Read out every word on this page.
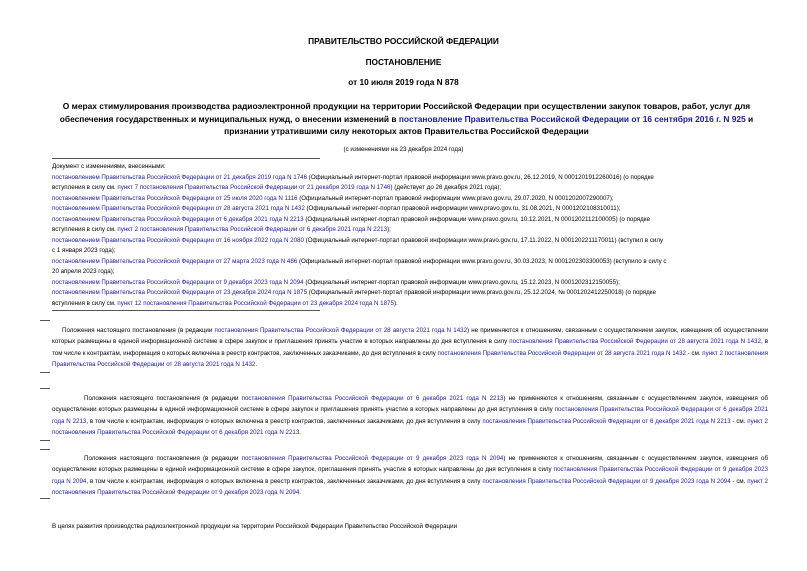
ПРАВИТЕЛЬСТВО РОССИЙСКОЙ ФЕДЕРАЦИИ
ПОСТАНОВЛЕНИЕ
от 10 июля 2019 года N 878
О мерах стимулирования производства радиоэлектронной продукции на территории Российской Федерации при осуществлении закупок товаров, работ, услуг для обеспечения государственных и муниципальных нужд, о внесении изменений в постановление Правительства Российской Федерации от 16 сентября 2016 г. N 925 и признании утратившими силу некоторых актов Правительства Российской Федерации
(с изменениями на 23 декабря 2024 года)
Документ с изменениями, внесенными:
постановлением Правительства Российской Федерации от 21 декабря 2019 года N 1746 (Официальный интернет-портал правовой информации www.pravo.gov.ru, 26.12.2019, N 0001201912260016) (о порядке
вступления в силу см. пункт 7 постановления Правительства Российской Федерации от 21 декабря 2019 года N 1746) (действует до 26 декабря 2021 года);
постановлением Правительства Российской Федерации от 25 июля 2020 года N 1116 (Официальный интернет-портал правовой информации www.pravo.gov.ru, 29.07.2020, N 0001202007290007);
постановлением Правительства Российской Федерации от 28 августа 2021 года N 1432 (Официальный интернет-портал правовой информации www.pravo.gov.ru, 31.08.2021, N 0001202108310011);
постановлением Правительства Российской Федерации от 6 декабря 2021 года N 2213 (Официальный интернет-портал правовой информации www.pravo.gov.ru, 10.12.2021, N 0001202112100005) (о порядке
вступления в силу см. пункт 2 постановления Правительства Российской Федерации от 6 декабря 2021 года N 2213);
постановлением Правительства Российской Федерации от 16 ноября 2022 года N 2080 (Официальный интернет-портал правовой информации www.pravo.gov.ru, 17.11.2022, N 0001202211170011) (вступил в силу
с 1 января 2023 года);
постановлением Правительства Российской Федерации от 27 марта 2023 года N 486 (Официальный интернет-портал правовой информации www.pravo.gov.ru, 30.03.2023, N 0001202303300053) (вступило в силу с
20 апреля 2023 года);
постановлением Правительства Российской Федерации от 9 декабря 2023 года N 2094 (Официальный интернет-портал правовой информации www.pravo.gov.ru, 15.12.2023, N 0001202312150055);
постановлением Правительства Российской Федерации от 23 декабря 2024 года N 1875 (Официальный интернет-портал правовой информации www.pravo.gov.ru, 25.12.2024, № 0001202412250018) (о порядке
вступления в силу см. пункт 12 постановления Правительства Российской Федерации от 23 декабря 2024 года N 1875).
Положения настоящего постановления (в редакции постановления Правительства Российской Федерации от 28 августа 2021 года N 1432) не применяются к отношениям, связанным с осуществлением закупок, извещения об осуществлении которых размещены в единой информационной системе в сфере закупок и приглашения принять участие в которых направлены до дня вступления в силу постановления Правительства Российской Федерации от 28 августа 2021 года N 1432, в том числе к контрактам, информация о которых включена в реестр контрактов, заключенных заказчиками, до дня вступления в силу постановления Правительства Российской Федерации от 28 августа 2021 года N 1432 - см. пункт 2 постановления Правительства Российской Федерации от 28 августа 2021 года N 1432.
Положения настоящего постановления (в редакции постановления Правительства Российской Федерации от 6 декабря 2021 года N 2213) не применяются к отношениям, связанным с осуществлением закупок, извещения об осуществлении которых размещены в единой информационной системе в сфере закупок и приглашения принять участие в которых направлены до дня вступления в силу постановления Правительства Российской Федерации от 6 декабря 2021 года N 2213, в том числе к контрактам, информация о которых включена в реестр контрактов, заключенных заказчиками, до дня вступления в силу постановления Правительства Российской Федерации от 6 декабря 2021 года N 2213 - см. пункт 2 постановления Правительства Российской Федерации от 6 декабря 2021 года N 2213.
Положения настоящего постановления (в редакции постановления Правительства Российской Федерации от 9 декабря 2023 года N 2094) не применяются к отношениям, связанным с осуществлением закупок, извещения об осуществлении которых размещены в единой информационной системе в сфере закупок, приглашения принять участие в которых направлены до дня вступления в силу постановления Правительства Российской Федерации от 9 декабря 2023 года N 2094, в том числе к контрактам, информация о которых включена в реестр контрактов, заключенных заказчиками, до дня вступления в силу постановления Правительства Российской Федерации от 9 декабря 2023 года N 2094 - см. пункт 2 постановления Правительства Российской Федерации от 9 декабря 2023 года N 2094.
В целях развития производства радиоэлектронной продукции на территории Российской Федерации Правительство Российской Федерации
